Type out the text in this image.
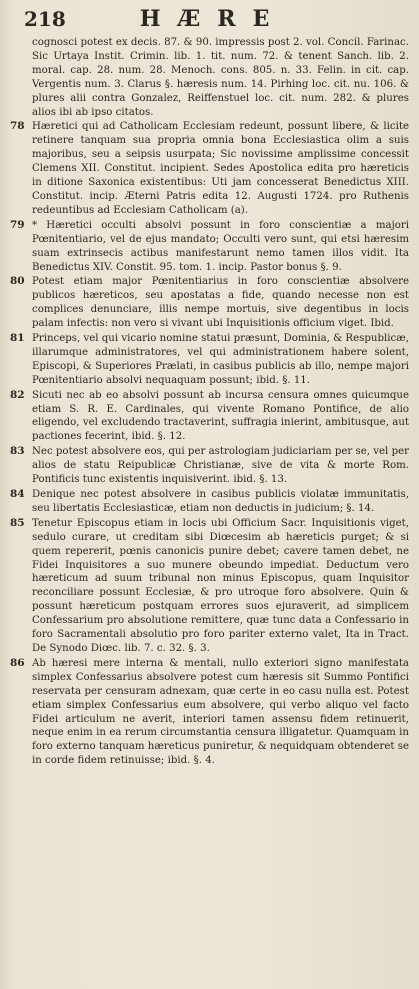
218	HÆRE

cognosci potest ex decis. 87. & 90. impressis post 2. vol. Concil. Farinac. Sic Urtaya Instit. Crimin. lib. 1. tit. num. 72. & tenent Sanch. lib. 2. moral. cap. 28. num. 28. Menoch. cons. 805. n. 33. Felin. in cit. cap. Vergentis num. 3. Clarus §. hæresis num. 14. Pirhing loc. cit. nu. 106. & plures alii contra Gonzalez, Reiffenstuel loc. cit. num. 282. & plures alios ibi ab ipso citatos.

78 Hæretici qui ad Catholicam Ecclesiam redeunt, possunt libere, & licite retinere tanquam sua propria omnia bona Ecclesiastica olim a suis majoribus, seu a seipsis usurpata; Sic novissime amplissime concessit Clemens XII. Constitut. incipient. Sedes Apostolica edita pro hæreticis in ditione Saxonica existentibus: Uti jam concesserat Benedictus XIII. Constitut. incip. Æterni Patris edita 12. Augusti 1724. pro Ruthenis redeuntibus ad Ecclesiam Catholicam (a).

79 * Hæretici occulti absolvi possunt in foro conscientiæ a majori Pœnitentiario, vel de ejus mandato; Occulti vero sunt, qui etsi hæresim suam extrinsecis actibus manifestarunt nemo tamen illos vidit. Ita Benedictus XIV. Constit. 95. tom. 1. incip. Pastor bonus §. 9.

80 Potest etiam major Pœnitentiarius in foro conscientiæ absolvere publicos hæreticos, seu apostatas a fide, quando necesse non est complices denunciare, illis nempe mortuis, sive degentibus in locis palam infectis: non vero si vivant ubi Inquisitionis officium viget. Ibid.

81 Princeps, vel qui vicario nomine statui præsunt, Dominia, & Respublicæ, illarumque administratores, vel qui administrationem habere solent, Episcopi, & Superiores Prælati, in casibus publicis ab illo, nempe majori Pœnitentiario absolvi nequaquam possunt; ibid. §. 11.

82 Sicuti nec ab eo absolvi possunt ab incursa censura omnes quicumque etiam S. R. E. Cardinales, qui vivente Romano Pontifice, de alio eligendo, vel excludendo tractaverint, suffragia inierint, ambitusque, aut pactiones fecerint, ibid. §. 12.

83 Nec potest absolvere eos, qui per astrologiam judiciariam per se, vel per alios de statu Reipublicæ Christianæ, sive de vita & morte Rom. Pontificis tunc existentis inquisiverint. ibid. §. 13.

84 Denique nec potest absolvere in casibus publicis violatæ immunitatis, seu libertatis Ecclesiasticæ, etiam non deductis in judicium; §. 14.

85 Tenetur Episcopus etiam in locis ubi Officium Sacr. Inquisitionis viget, sedulo curare, ut creditam sibi Diœcesim ab hæreticis purget; & si quem repererit, pœnis canonicis punire debet; cavere tamen debet, ne Fidei Inquisitores a suo munere obeundo impediat. Deductum vero hæreticum ad suum tribunal non minus Episcopus, quam Inquisitor reconciliare possunt Ecclesiæ, & pro utroque foro absolvere. Quin & possunt hæreticum postquam errores suos ejuraverit, ad simplicem Confessarium pro absolutione remittere, quæ tunc data a Confessario in foro Sacramentali absolutio pro foro pariter externo valet, Ita in Tract. De Synodo Diœc. lib. 7. c. 32. §. 3.

86 Ab hæresi mere interna & mentali, nullo exteriori signo manifestata simplex Confessarius absolvere potest cum hæresis sit Summo Pontifici reservata per censuram adnexam, quæ certe in eo casu nulla est. Potest etiam simplex Confessarius eum absolvere, qui verbo aliquo vel facto Fidei articulum ne averit, interiori tamen assensu fidem retinuerit, neque enim in ea rerum circumstantia censura illigatetur. Quamquam in foro externo tanquam hæreticus puniretur, & nequidquam obtenderet se in corde fidem retinuisse; ibid. §. 4.
